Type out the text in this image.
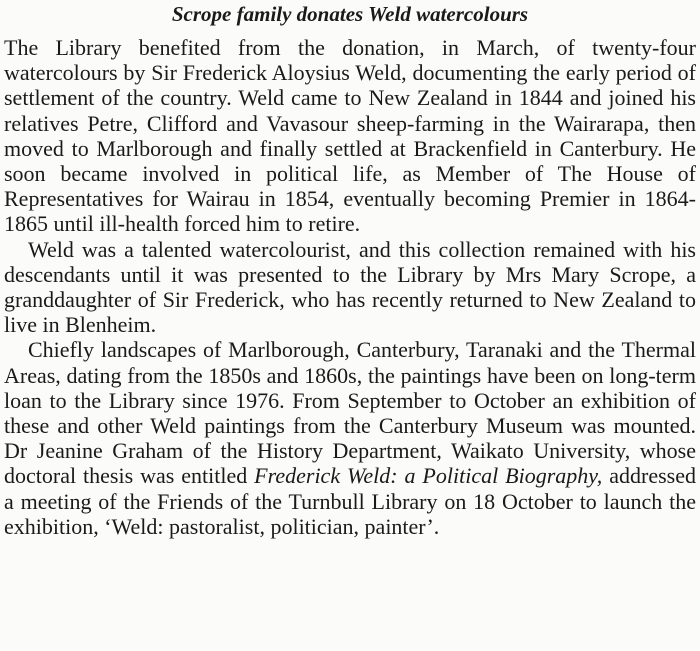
Scrope family donates Weld watercolours

The Library benefited from the donation, in March, of twenty-four watercolours by Sir Frederick Aloysius Weld, documenting the early period of settlement of the country. Weld came to New Zealand in 1844 and joined his relatives Petre, Clifford and Vavasour sheep-farming in the Wairarapa, then moved to Marlborough and finally settled at Brackenfield in Canterbury. He soon became involved in political life, as Member of The House of Representatives for Wairau in 1854, eventually becoming Premier in 1864-1865 until ill-health forced him to retire.

Weld was a talented watercolourist, and this collection remained with his descendants until it was presented to the Library by Mrs Mary Scrope, a granddaughter of Sir Frederick, who has recently returned to New Zealand to live in Blenheim.

Chiefly landscapes of Marlborough, Canterbury, Taranaki and the Thermal Areas, dating from the 1850s and 1860s, the paintings have been on long-term loan to the Library since 1976. From September to October an exhibition of these and other Weld paintings from the Canterbury Museum was mounted. Dr Jeanine Graham of the History Department, Waikato University, whose doctoral thesis was entitled Frederick Weld: a Political Biography, addressed a meeting of the Friends of the Turnbull Library on 18 October to launch the exhibition, ‘Weld: pastoralist, politician, painter’.
